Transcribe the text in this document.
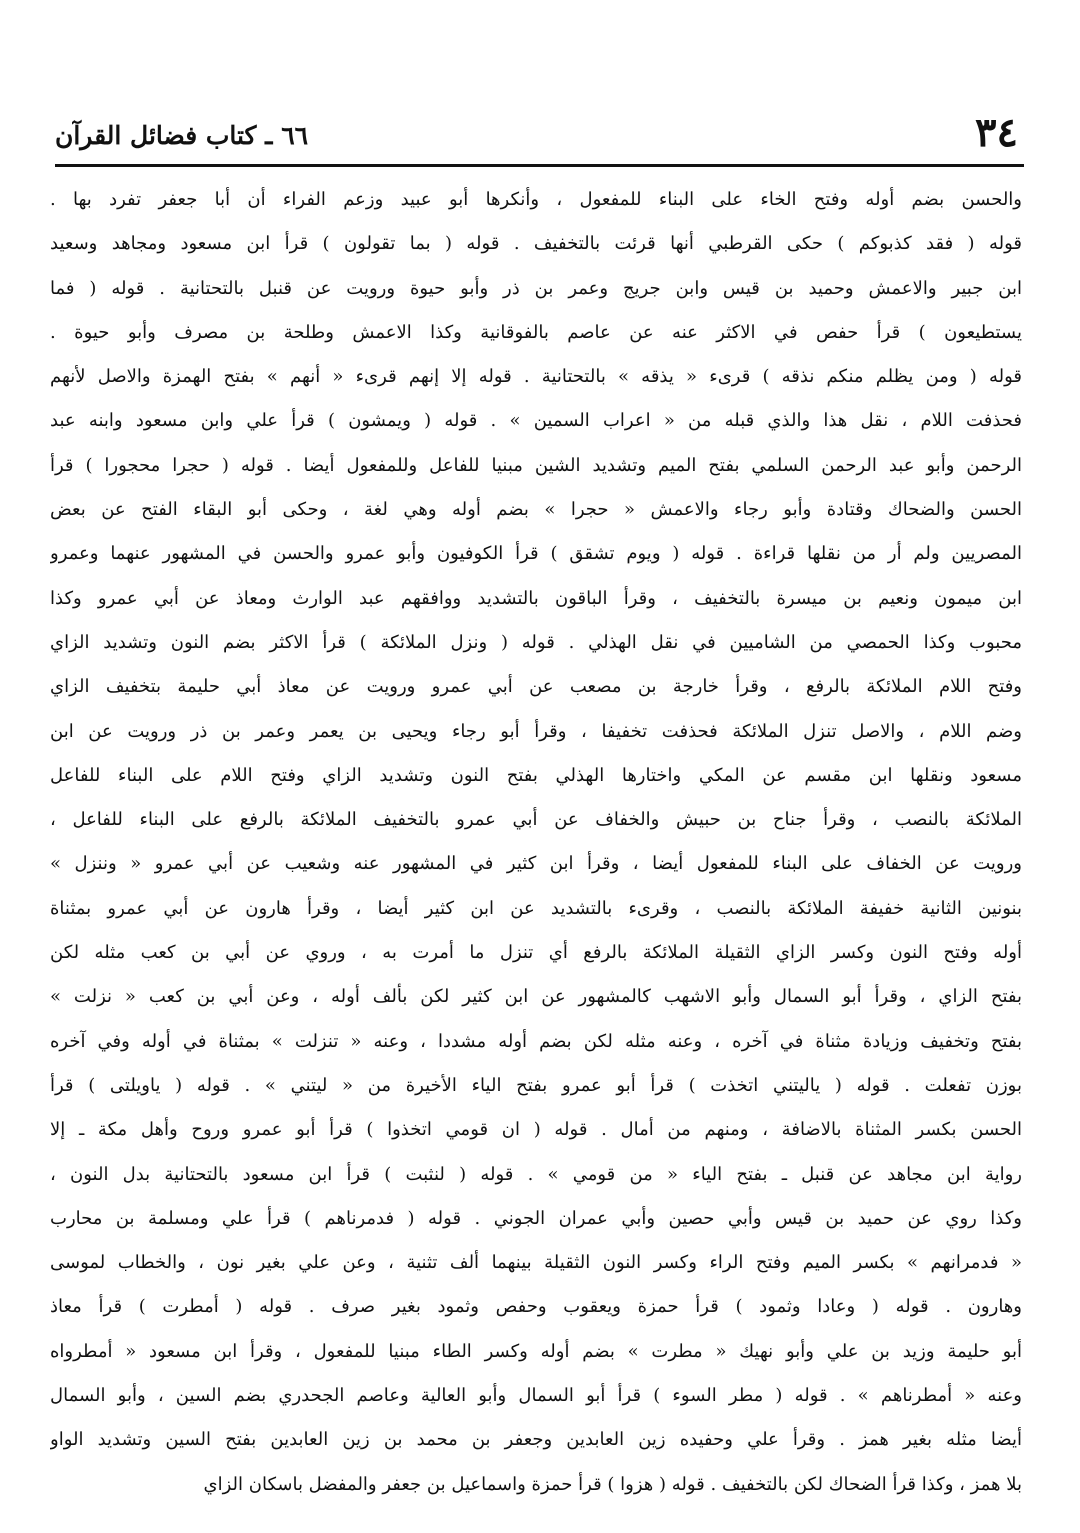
٣٤
٦٦ ـ كتاب فضائل القرآن
والحسن بضم أوله وفتح الخاء على البناء للمفعول ، وأنكرها أبو عبيد وزعم الفراء أن أبا جعفر تفرد بها .
قوله ( فقد كذبوكم ) حكى القرطبي أنها قرئت بالتخفيف . قوله ( بما تقولون ) قرأ ابن مسعود ومجاهد وسعيد
ابن جبير والاعمش وحميد بن قيس وابن جريج وعمر بن ذر وأبو حيوة ورويت عن قنبل بالتحتانية . قوله ( فما
يستطيعون ) قرأ حفص في الاكثر عنه عن عاصم بالفوقانية وكذا الاعمش وطلحة بن مصرف وأبو حيوة .
قوله ( ومن يظلم منكم نذقه ) قرىء « يذقه » بالتحتانية . قوله إلا إنهم قرىء « أنهم » بفتح الهمزة والاصل لأنهم
فحذفت اللام ، نقل هذا والذي قبله من « اعراب السمين » . قوله ( ويمشون ) قرأ علي وابن مسعود وابنه عبد
الرحمن وأبو عبد الرحمن السلمي بفتح الميم وتشديد الشين مبنيا للفاعل وللمفعول أيضا . قوله ( حجرا محجورا ) قرأ
الحسن والضحاك وقتادة وأبو رجاء والاعمش « حجرا » بضم أوله وهي لغة ، وحكى أبو البقاء الفتح عن بعض
المصريين ولم أر من نقلها قراءة . قوله ( ويوم تشقق ) قرأ الكوفيون وأبو عمرو والحسن في المشهور عنهما وعمرو
ابن ميمون ونعيم بن ميسرة بالتخفيف ، وقرأ الباقون بالتشديد ووافقهم عبد الوارث ومعاذ عن أبي عمرو وكذا
محبوب وكذا الحمصي من الشاميين في نقل الهذلي . قوله ( ونزل الملائكة ) قرأ الاكثر بضم النون وتشديد الزاي
وفتح اللام الملائكة بالرفع ، وقرأ خارجة بن مصعب عن أبي عمرو ورويت عن معاذ أبي حليمة بتخفيف الزاي
وضم اللام ، والاصل تنزل الملائكة فحذفت تخفيفا ، وقرأ أبو رجاء ويحيى بن يعمر وعمر بن ذر ورويت عن ابن
مسعود ونقلها ابن مقسم عن المكي واختارها الهذلي بفتح النون وتشديد الزاي وفتح اللام على البناء للفاعل
الملائكة بالنصب ، وقرأ جناح بن حبيش والخفاف عن أبي عمرو بالتخفيف الملائكة بالرفع على البناء للفاعل ،
ورويت عن الخفاف على البناء للمفعول أيضا ، وقرأ ابن كثير في المشهور عنه وشعيب عن أبي عمرو « وننزل »
بنونين الثانية خفيفة الملائكة بالنصب ، وقرىء بالتشديد عن ابن كثير أيضا ، وقرأ هارون عن أبي عمرو بمثناة
أوله وفتح النون وكسر الزاي الثقيلة الملائكة بالرفع أي تنزل ما أمرت به ، وروي عن أبي بن كعب مثله لكن
بفتح الزاي ، وقرأ أبو السمال وأبو الاشهب كالمشهور عن ابن كثير لكن بألف أوله ، وعن أبي بن كعب « نزلت »
بفتح وتخفيف وزيادة مثناة في آخره ، وعنه مثله لكن بضم أوله مشددا ، وعنه « تنزلت » بمثناة في أوله وفي آخره
بوزن تفعلت . قوله ( ياليتني اتخذت ) قرأ أبو عمرو بفتح الياء الأخيرة من « ليتني » . قوله ( ياويلتى ) قرأ
الحسن بكسر المثناة بالاضافة ، ومنهم من أمال . قوله ( ان قومي اتخذوا ) قرأ أبو عمرو وروح وأهل مكة ـ إلا
رواية ابن مجاهد عن قنبل ـ بفتح الياء « من قومي » . قوله ( لنثبت ) قرأ ابن مسعود بالتحتانية بدل النون ،
وكذا روي عن حميد بن قيس وأبي حصين وأبي عمران الجوني . قوله ( فدمرناهم ) قرأ علي ومسلمة بن محارب
« فدمرانهم » بكسر الميم وفتح الراء وكسر النون الثقيلة بينهما ألف تثنية ، وعن علي بغير نون ، والخطاب لموسى
وهارون . قوله ( وعادا وثمود ) قرأ حمزة ويعقوب وحفص وثمود بغير صرف . قوله ( أمطرت ) قرأ معاذ
أبو حليمة وزيد بن علي وأبو نهيك « مطرت » بضم أوله وكسر الطاء مبنيا للمفعول ، وقرأ ابن مسعود « أمطرواه
وعنه « أمطرناهم » . قوله ( مطر السوء ) قرأ أبو السمال وأبو العالية وعاصم الجحدري بضم السين ، وأبو السمال
أيضا مثله بغير همز . وقرأ علي وحفيده زين العابدين وجعفر بن محمد بن زين العابدين بفتح السين وتشديد الواو
بلا همز ، وكذا قرأ الضحاك لكن بالتخفيف . قوله ( هزوا ) قرأ حمزة واسماعيل بن جعفر والمفضل باسكان الزاي
